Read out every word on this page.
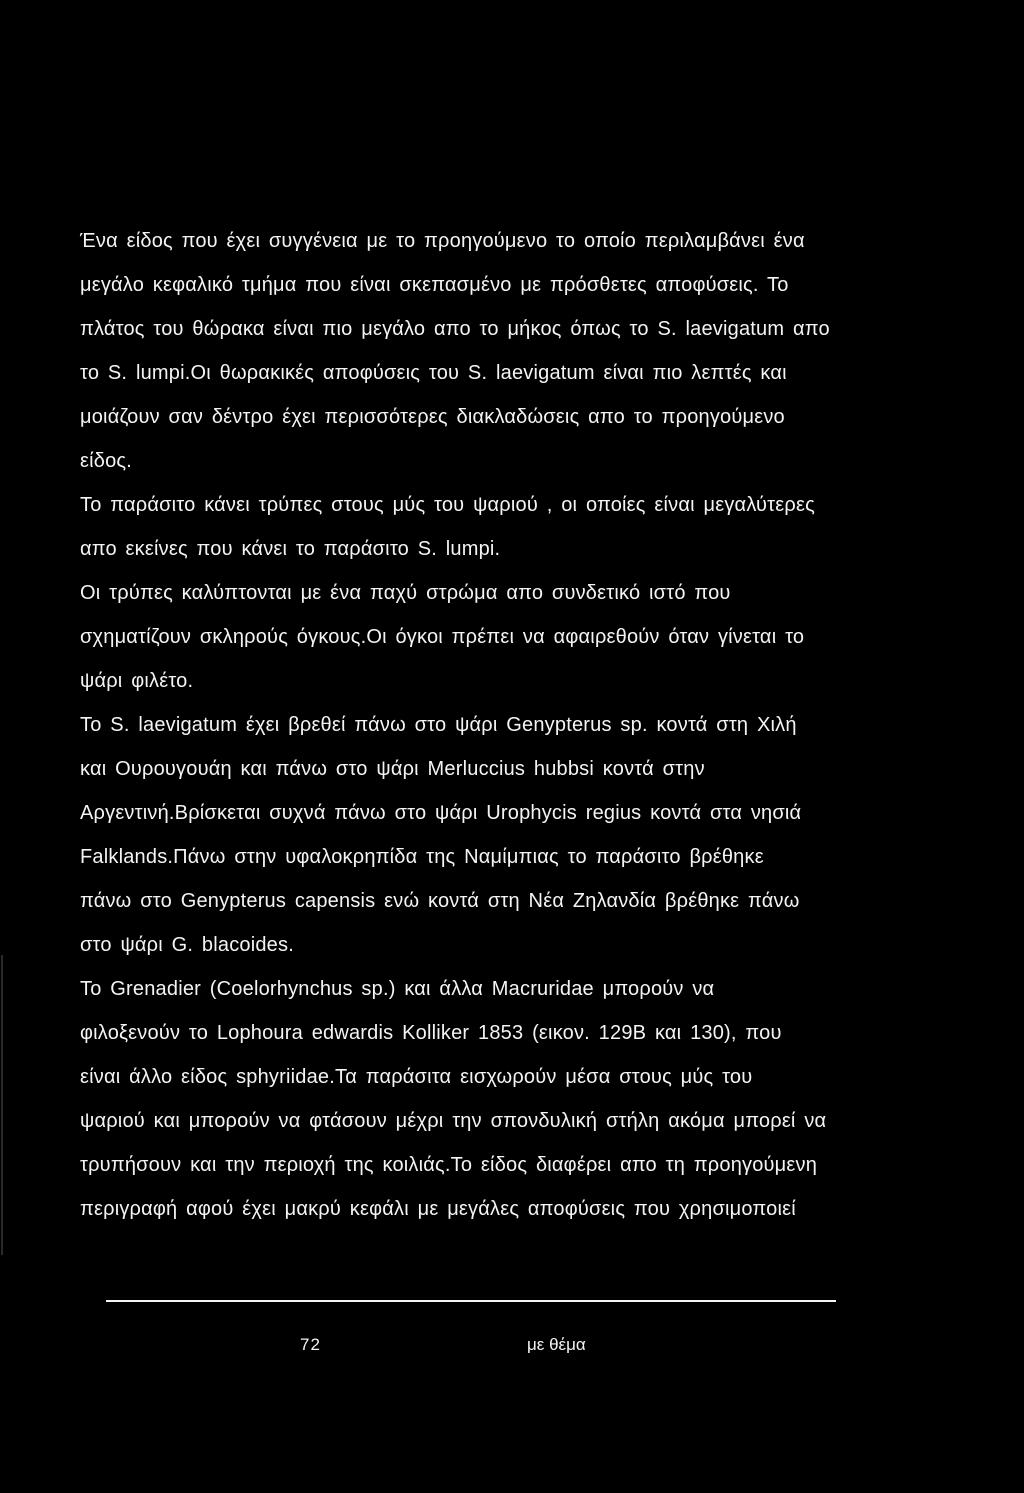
Ένα είδος που έχει συγγένεια με το προηγούμενο το οποίο περιλαμβάνει ένα
μεγάλο κεφαλικό τμήμα που είναι σκεπασμένο με πρόσθετες αποφύσεις. Το
πλάτος του θώρακα είναι πιο μεγάλο απο το μήκος όπως το S. laevigatum απο
το S. lumpi.Οι θωρακικές αποφύσεις του S. laevigatum είναι πιο λεπτές και
μοιάζουν σαν δέντρο έχει περισσότερες διακλαδώσεις απο το προηγούμενο
είδος.
Το παράσιτο κάνει τρύπες στους μύς του ψαριού , οι οποίες είναι μεγαλύτερες
απο εκείνες που κάνει το παράσιτο S. lumpi.
Οι τρύπες καλύπτονται με ένα παχύ στρώμα απο συνδετικό ιστό που
σχηματίζουν σκληρούς όγκους.Οι όγκοι πρέπει να αφαιρεθούν όταν γίνεται το
ψάρι φιλέτο.
Το S. laevigatum έχει βρεθεί πάνω στο ψάρι Genypterus sp. κοντά στη Χιλή
και Ουρουγουάη και πάνω στο ψάρι Merluccius hubbsi κοντά στην
Αργεντινή.Βρίσκεται συχνά πάνω στο ψάρι Urophycis regius κοντά στα νησιά
Falklands.Πάνω στην υφαλοκρηπίδα της Ναμίμπιας το παράσιτο βρέθηκε
πάνω στο Genypterus capensis ενώ κοντά στη Νέα Ζηλανδία βρέθηκε πάνω
στο ψάρι G. blacoides.
Το Grenadier (Coelorhynchus sp.) και άλλα Macruridae μπορούν να
φιλοξενούν το Lophoura edwardis Kolliker 1853 (εικον. 129Β και 130), που
είναι άλλο είδος sphyriidae.Τα παράσιτα εισχωρούν μέσα στους μύς του
ψαριού και μπορούν να φτάσουν μέχρι την σπονδυλική στήλη ακόμα μπορεί να
τρυπήσουν και την περιοχή της κοιλιάς.Το είδος διαφέρει απο τη προηγούμενη
περιγραφή αφού έχει μακρύ κεφάλι με μεγάλες αποφύσεις που χρησιμοποιεί
72	με θέμα
